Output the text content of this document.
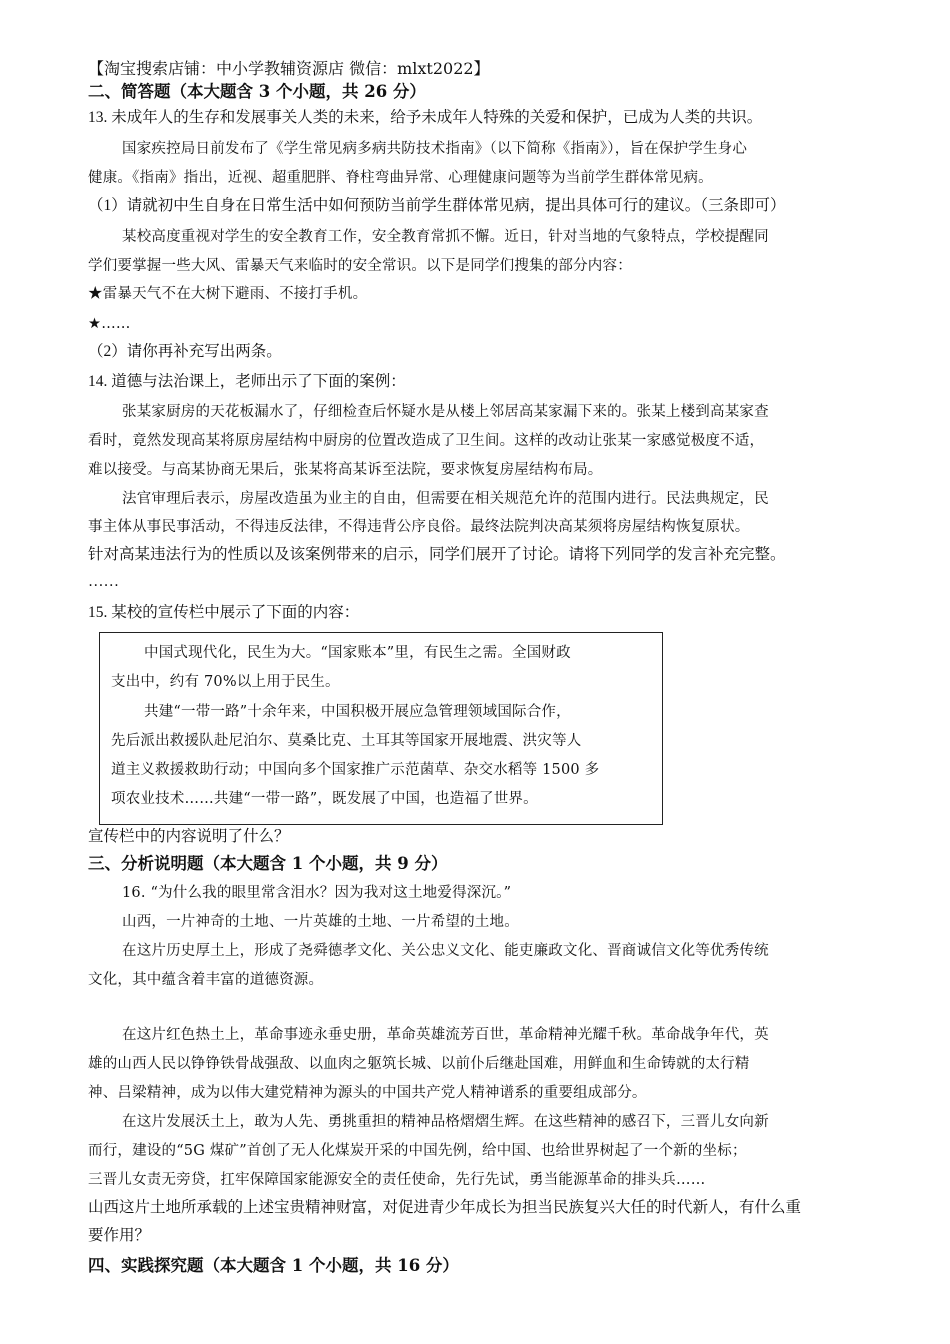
【淘宝搜索店铺：中小学教辅资源店 微信：mlxt2022】
二、简答题（本大题含 3 个小题，共 26 分）
13. 未成年人的生存和发展事关人类的未来，给予未成年人特殊的关爱和保护，已成为人类的共识。
国家疾控局日前发布了《学生常见病多病共防技术指南》（以下简称《指南》），旨在保护学生身心
健康。《指南》指出，近视、超重肥胖、脊柱弯曲异常、心理健康问题等为当前学生群体常见病。
（1）请就初中生自身在日常生活中如何预防当前学生群体常见病，提出具体可行的建议。（三条即可）
某校高度重视对学生的安全教育工作，安全教育常抓不懈。近日，针对当地的气象特点，学校提醒同
学们要掌握一些大风、雷暴天气来临时的安全常识。以下是同学们搜集的部分内容：
★雷暴天气不在大树下避雨、不接打手机。
★……
（2）请你再补充写出两条。
14. 道德与法治课上，老师出示了下面的案例：
张某家厨房的天花板漏水了，仔细检查后怀疑水是从楼上邻居高某家漏下来的。张某上楼到高某家查
看时，竟然发现高某将原房屋结构中厨房的位置改造成了卫生间。这样的改动让张某一家感觉极度不适，
难以接受。与高某协商无果后，张某将高某诉至法院，要求恢复房屋结构布局。
法官审理后表示，房屋改造虽为业主的自由，但需要在相关规范允许的范围内进行。民法典规定，民
事主体从事民事活动，不得违反法律，不得违背公序良俗。最终法院判决高某须将房屋结构恢复原状。
针对高某违法行为的性质以及该案例带来的启示，同学们展开了讨论。请将下列同学的发言补充完整。
……
15. 某校的宣传栏中展示了下面的内容：
中国式现代化，民生为大。“国家账本”里，有民生之需。全国财政
支出中，约有 70%以上用于民生。
共建“一带一路”十余年来，中国积极开展应急管理领域国际合作，
先后派出救援队赴尼泊尔、莫桑比克、土耳其等国家开展地震、洪灾等人
道主义救援救助行动；中国向多个国家推广示范菌草、杂交水稻等 1500 多
项农业技术……共建“一带一路”，既发展了中国，也造福了世界。
宣传栏中的内容说明了什么？
三、分析说明题（本大题含 1 个小题，共 9 分）
16. “为什么我的眼里常含泪水？因为我对这土地爱得深沉。”
山西，一片神奇的土地、一片英雄的土地、一片希望的土地。
在这片历史厚土上，形成了尧舜德孝文化、关公忠义文化、能吏廉政文化、晋商诚信文化等优秀传统
文化，其中蕴含着丰富的道德资源。
在这片红色热土上，革命事迹永垂史册，革命英雄流芳百世，革命精神光耀千秋。革命战争年代，英
雄的山西人民以铮铮铁骨战强敌、以血肉之躯筑长城、以前仆后继赴国难，用鲜血和生命铸就的太行精
神、吕梁精神，成为以伟大建党精神为源头的中国共产党人精神谱系的重要组成部分。
在这片发展沃土上，敢为人先、勇挑重担的精神品格熠熠生辉。在这些精神的感召下，三晋儿女向新
而行，建设的“5G 煤矿”首创了无人化煤炭开采的中国先例，给中国、也给世界树起了一个新的坐标；
三晋儿女责无旁贷，扛牢保障国家能源安全的责任使命，先行先试，勇当能源革命的排头兵……
山西这片土地所承载的上述宝贵精神财富，对促进青少年成长为担当民族复兴大任的时代新人，有什么重
要作用？
四、实践探究题（本大题含 1 个小题，共 16 分）
